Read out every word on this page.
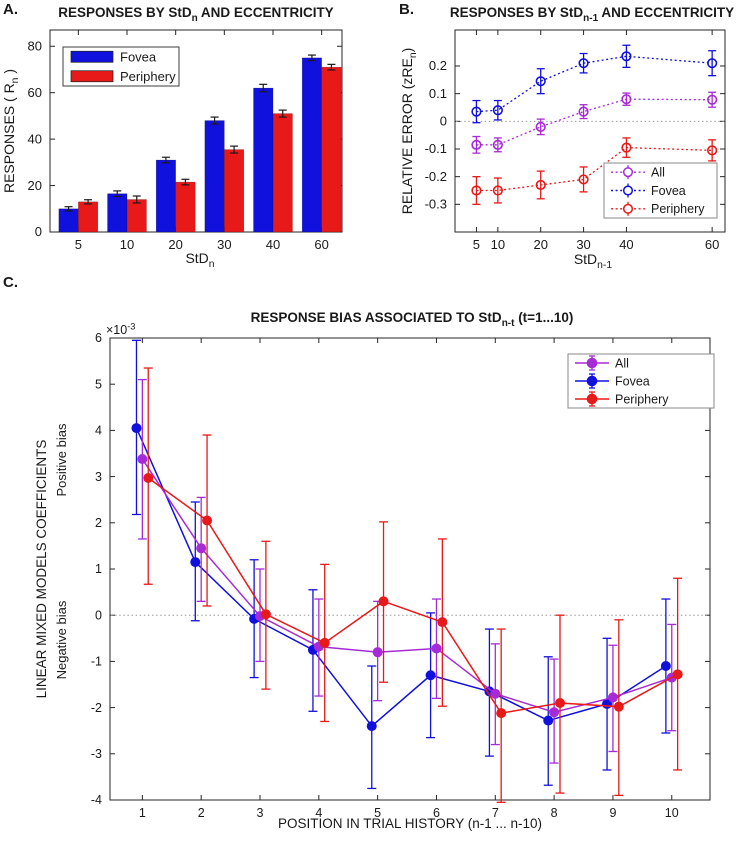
A.	B.
C.
5	10	20	30	40	60
0
20
40
60
80
Fovea
Periphery
RESPONSES BY StD$_n$ AND ECCENTRICITY
StD$_n$
RESPONSES ( $R_n$ )
5 10 20 30 40	60
0.2
0.1
0
-0.1
-0.2
-0.3
All
Fovea
Periphery
RESPONSES BY StD$_{n-1}$ AND ECCENTRICITY
StD$_{n-1}$
RELATIVE ERROR (zRE$_n$)
1	2	3	4	5	6	7	8	9	10
6
5
4
3
2
1
0
-1
-2
-3
-4
All
Fovea
Periphery
RESPONSE BIAS ASSOCIATED TO StD$_{n-t}$ (t=1...10)
POSITION IN TRIAL HISTORY (n-1 ... n-10)
LINEAR MIXED MODELS COEFFICIENTS Positive bias
Negative bias
$\times 10^{-3}$
